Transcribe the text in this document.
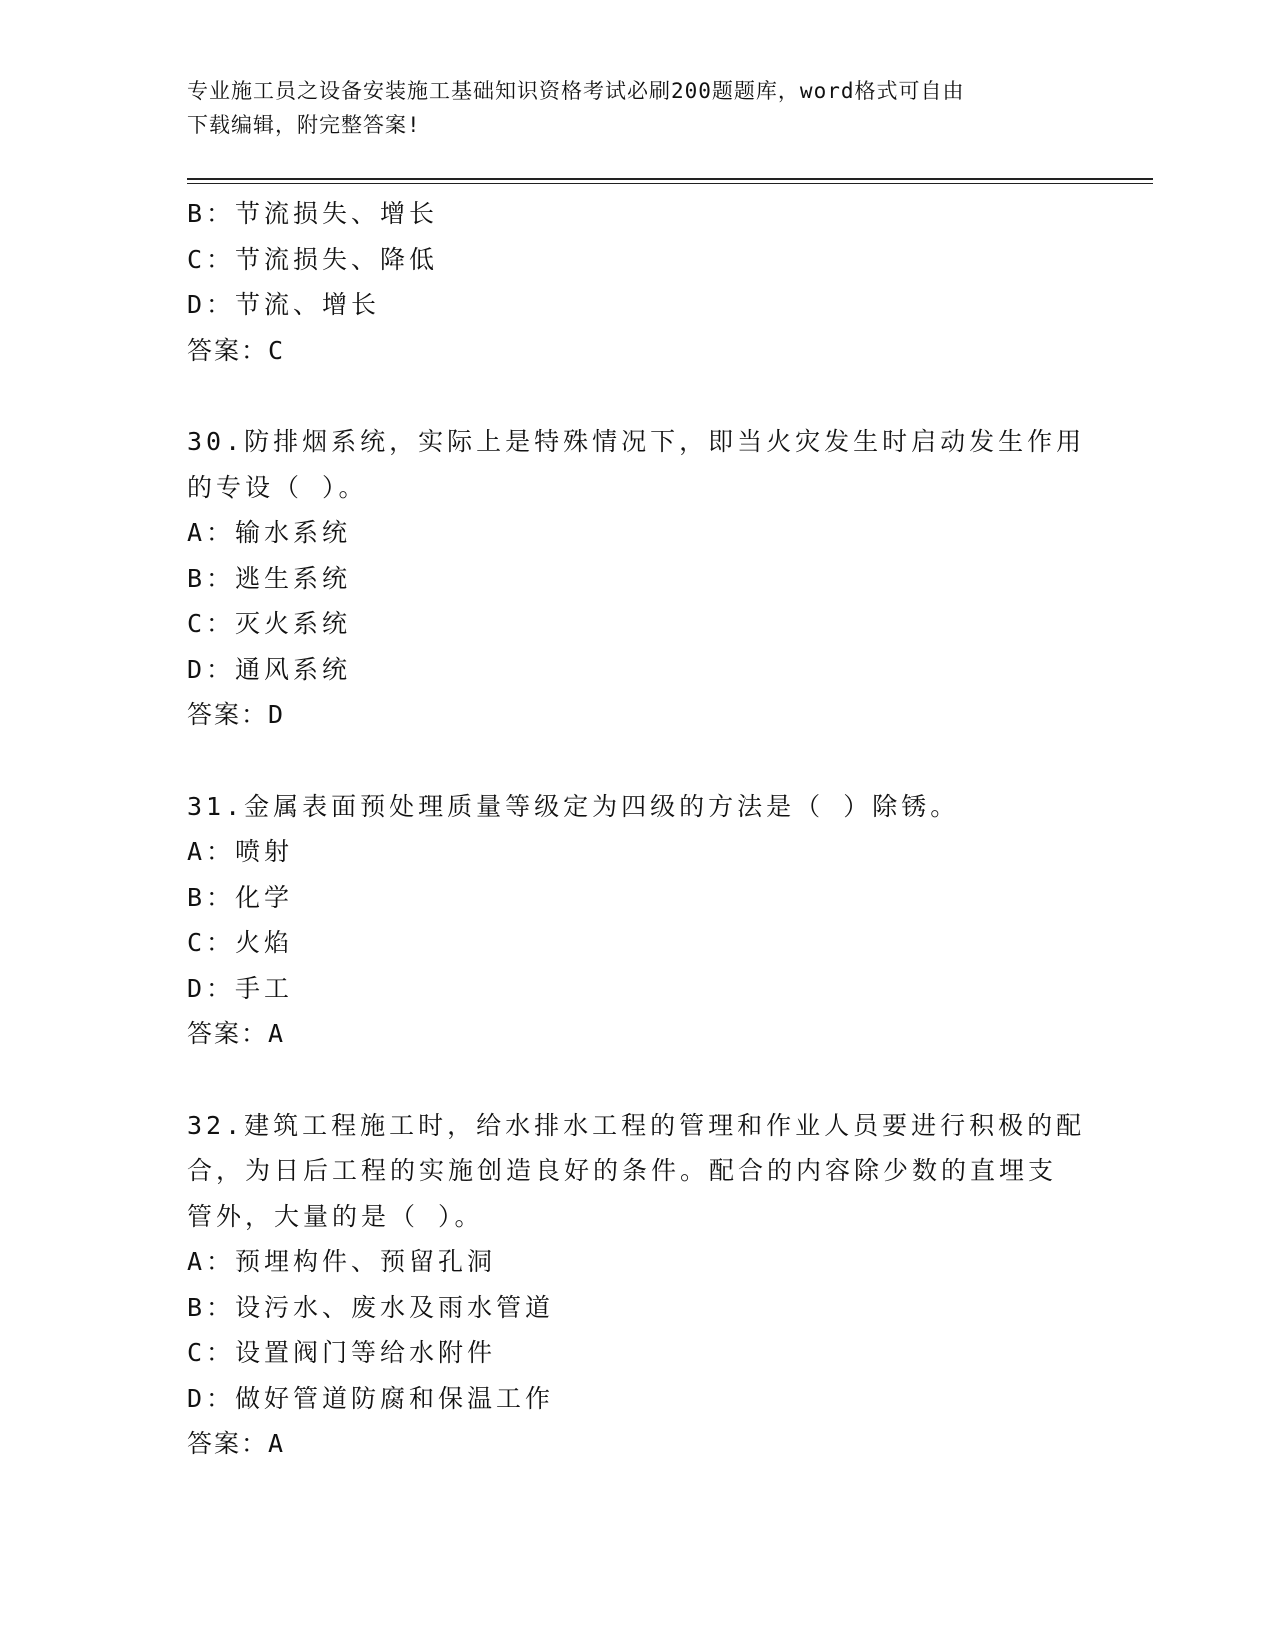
专业施工员之设备安装施工基础知识资格考试必刷200题题库，word格式可自由
下载编辑，附完整答案!
B：节流损失、增长
C：节流损失、降低
D：节流、增长
答案：C
30.防排烟系统，实际上是特殊情况下，即当火灾发生时启动发生作用
的专设（ ）。
A：输水系统
B：逃生系统
C：灭火系统
D：通风系统
答案：D
31.金属表面预处理质量等级定为四级的方法是（ ）除锈。
A：喷射
B：化学
C：火焰
D：手工
答案：A
32.建筑工程施工时，给水排水工程的管理和作业人员要进行积极的配
合，为日后工程的实施创造良好的条件。配合的内容除少数的直埋支
管外，大量的是（ ）。
A：预埋构件、预留孔洞
B：设污水、废水及雨水管道
C：设置阀门等给水附件
D：做好管道防腐和保温工作
答案：A
